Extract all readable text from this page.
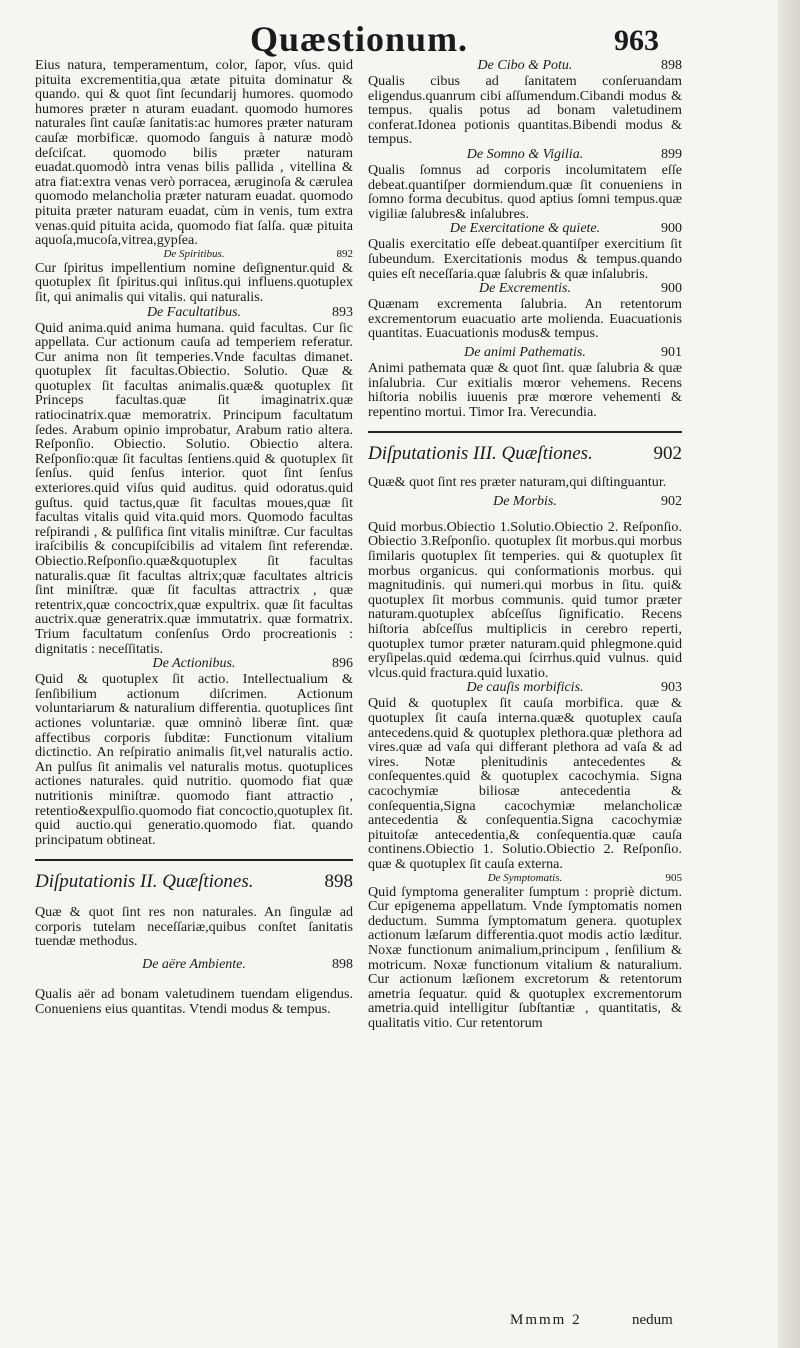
Quæstionum.	963

Eius natura, temperamentum, color, ſapor, vſus. quid pituita excrementitia,qua ætate pituita dominatur & quando. qui & quot ſint ſecundarij humores. quomodo humores præter n aturam euadant. quomodo humores naturales ſint cauſæ ſanitatis:ac humores præter naturam cauſæ morbificæ. quomodo ſanguis à naturæ modò deſciſcat. quomodo bilis præter naturam euadat.quomodò intra venas bilis pallida , vitellina & atra fiat:extra venas verò porracea, æruginoſa & cærulea quomodo melancholia præter naturam euadat. quomodo pituita præter naturam euadat, cùm in venis, tum extra venas.quid pituita acida, quomodo fiat ſalſa. quæ pituita aquoſa,mucoſa,vitrea,gypſea.

De Spiritibus.	892

Cur ſpiritus impellentium nomine deſignentur.quid & quotuplex ſit ſpiritus.qui inſitus.qui influens.quotuplex ſit, qui animalis qui vitalis. qui naturalis.

De Facultatibus.	893

Quid anima.quid anima humana. quid facultas. Cur ſic appellata. Cur actionum cauſa ad temperiem referatur. Cur anima non ſit temperies.Vnde facultas dimanet. quotuplex ſit facultas.Obiectio. Solutio. Quæ & quotuplex ſit facultas animalis.quæ& quotuplex ſit Princeps facultas.quæ ſit imaginatrix.quæ ratiocinatrix.quæ memoratrix. Principum facultatum ſedes. Arabum opinio improbatur, Arabum ratio altera. Reſponſio. Obiectio. Solutio. Obiectio altera. Reſponſio:quæ ſit facultas ſentiens.quid & quotuplex ſit ſenſus. quid ſenſus interior. quot ſint ſenſus exteriores.quid viſus quid auditus. quid odoratus.quid guſtus. quid tactus,quæ ſit facultas moues,quæ ſit facultas vitalis quid vita.quid mors. Quomodo facultas reſpirandi , & pulſifica ſint vitalis miniſtræ. Cur facultas iraſcibilis & concupiſcibilis ad vitalem ſint referendæ. Obiectio.Reſponſio.quæ&quotuplex ſit facultas naturalis.quæ ſit facultas altrix;quæ facultates altricis ſint miniſtræ. quæ ſit facultas attractrix , quæ retentrix,quæ concoctrix,quæ expultrix. quæ ſit facultas auctrix.quæ generatrix.quæ immutatrix. quæ formatrix. Trium facultatum conſenſus Ordo procreationis : dignitatis : neceſſitatis.

De Actionibus.	896

Quid & quotuplex ſit actio. Intellectualium & ſenſibilium actionum diſcrimen. Actionum voluntariarum & naturalium differentia. quotuplices ſint actiones voluntariæ. quæ omninò liberæ ſint. quæ affectibus corporis ſubditæ: Functionum vitalium dictinctio. An reſpiratio animalis ſit,vel naturalis actio. An pulſus ſit animalis vel naturalis motus. quotuplices actiones naturales. quid nutritio. quomodo fiat quæ nutritionis miniſtræ. quomodo fiant attractio , retentio&expulſio.quomodo fiat concoctio,quotuplex ſit. quid auctio.qui generatio.quomodo fiat. quando principatum obtineat.

Diſputationis II. Quæſtiones.	898

Quæ & quot ſint res non naturales. An ſingulæ ad corporis tutelam neceſſariæ,quibus conſtet ſanitatis tuendæ methodus.

De aëre Ambiente.	898

Qualis aër ad bonam valetudinem tuendam eligendus. Conueniens eius quantitas. Vtendi modus & tempus.

De Cibo & Potu.	898

Qualis cibus ad ſanitatem conſeruandam eligendus.quanrum cibi aſſumendum.Cibandi modus & tempus. qualis potus ad bonam valetudinem conferat.Idonea potionis quantitas.Bibendi modus & tempus.

De Somno & Vigilia.	899

Qualis ſomnus ad corporis incolumitatem eſſe debeat.quantiſper dormiendum.quæ ſit conueniens in ſomno forma decubitus. quod aptius ſomni tempus.quæ vigiliæ ſalubres& inſalubres.

De Exercitatione & quiete.	900

Qualis exercitatio eſſe debeat.quantiſper exercitium ſit ſubeundum. Exercitationis modus & tempus.quando quies eſt neceſſaria.quæ ſalubris & quæ inſalubris.

De Excrementis.	900

Quænam excrementa ſalubria. An retentorum excrementorum euacuatio arte molienda. Euacuationis quantitas. Euacuationis modus& tempus.

De animi Pathematis.	901

Animi pathemata quæ & quot ſint. quæ ſalubria & quæ inſalubria. Cur exitialis mœror vehemens. Recens hiſtoria nobilis iuuenis præ mœrore vehementi & repentino mortui. Timor Ira. Verecundia.

Diſputationis III. Quæſtiones.	902

Quæ& quot ſint res præter naturam,qui diſtinguantur.

De Morbis.	902

Quid morbus.Obiectio 1.Solutio.Obiectio 2. Reſponſio. Obiectio 3.Reſponſio. quotuplex ſit morbus.qui morbus ſimilaris quotuplex ſit temperies. qui & quotuplex ſit morbus organicus. qui conſormationis morbus. qui magnitudinis. qui numeri.qui morbus in ſitu. qui& quotuplex ſit morbus communis. quid tumor præter naturam.quotuplex abſceſſus ſignificatio. Recens hiſtoria abſceſſus multiplicis in cerebro reperti, quotuplex tumor præter naturam.quid phlegmone.quid eryſipelas.quid œdema.qui ſcirrhus.quid vulnus. quid vlcus.quid fractura.quid luxatio.

De cauſis morbificis.	903

Quid & quotuplex ſit cauſa morbifica. quæ & quotuplex ſit cauſa interna.quæ& quotuplex cauſa antecedens.quid & quotuplex plethora.quæ plethora ad vires.quæ ad vaſa qui differant plethora ad vaſa & ad vires. Notæ plenitudinis antecedentes & conſequentes.quid & quotuplex cacochymia. Signa cacochymiæ biliosæ antecedentia & conſequentia,Signa cacochymiæ melancholicæ antecedentia & conſequentia.Signa cacochymiæ pituitoſæ antecedentia,& conſequentia.quæ cauſa continens.Obiectio 1. Solutio.Obiectio 2. Reſponſio. quæ & quotuplex ſit cauſa externa.

De Symptomatis.	905

Quid ſymptoma generaliter ſumptum : propriè dictum. Cur epigenema appellatum. Vnde ſymptomatis nomen deductum. Summa ſymptomatum genera. quotuplex actionum læſarum differentia.quot modis actio læditur. Noxæ functionum animalium,principum , ſenſilium & motricum. Noxæ functionum vitalium & naturalium. Cur actionum læſionem excretorum & retentorum ametria ſequatur. quid & quotuplex excrementorum ametria.quid intelligitur ſubſtantiæ , quantitatis, & qualitatis vitio. Cur retentorum

Mmmm 2	nedum
